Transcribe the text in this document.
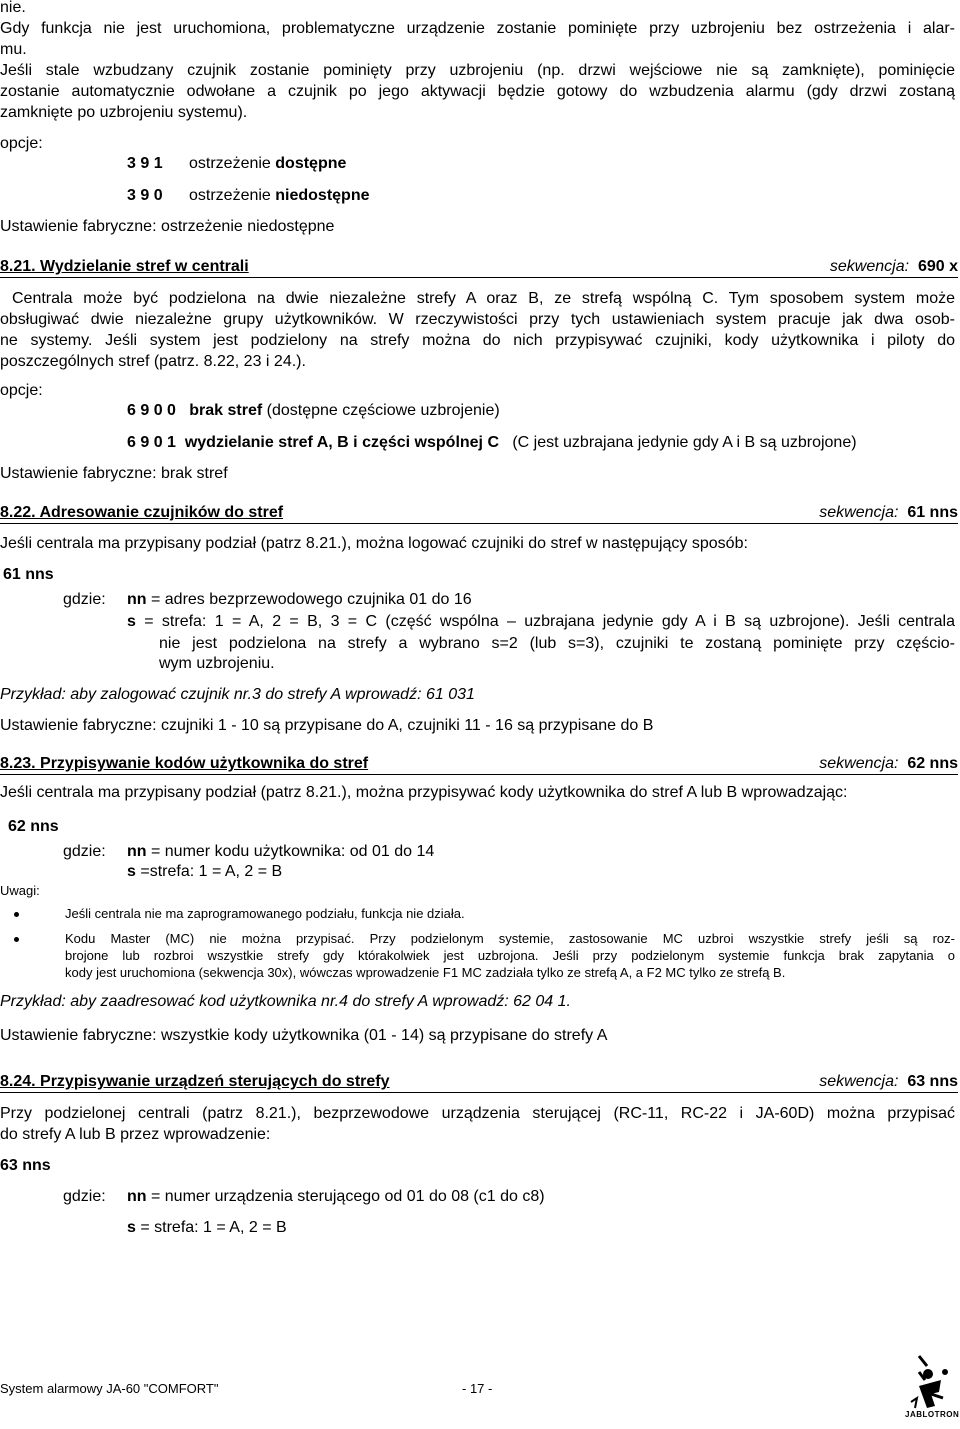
nie.
Gdy funkcja nie jest uruchomiona, problematyczne urządzenie zostanie pominięte przy uzbrojeniu bez ostrzeżenia i alar-
mu.
Jeśli stale wzbudzany czujnik zostanie pominięty przy uzbrojeniu (np. drzwi wejściowe nie są zamknięte), pominięcie
zostanie automatycznie odwołane a czujnik po jego aktywacji będzie gotowy do wzbudzenia alarmu (gdy drzwi zostaną
zamknięte po uzbrojeniu systemu).
opcje:
3 9 1 ostrzeżenie dostępne
3 9 0 ostrzeżenie niedostępne
Ustawienie fabryczne: ostrzeżenie niedostępne
8.21. Wydzielanie stref w centrali	sekwencja: 690 x
Centrala może być podzielona na dwie niezależne strefy A oraz B, ze strefą wspólną C. Tym sposobem system może
obsługiwać dwie niezależne grupy użytkowników. W rzeczywistości przy tych ustawieniach system pracuje jak dwa osob-
ne systemy. Jeśli system jest podzielony na strefy można do nich przypisywać czujniki, kody użytkownika i piloty do
poszczególnych stref (patrz. 8.22, 23 i 24.).
opcje:
6 9 0 0 brak stref (dostępne częściowe uzbrojenie)
6 9 0 1 wydzielanie stref A, B i części wspólnej C (C jest uzbrajana jedynie gdy A i B są uzbrojone)
Ustawienie fabryczne: brak stref
8.22. Adresowanie czujników do stref	sekwencja: 61 nns
Jeśli centrala ma przypisany podział (patrz 8.21.), można logować czujniki do stref w następujący sposób:
61 nns
gdzie: nn = adres bezprzewodowego czujnika 01 do 16
s = strefa: 1 = A, 2 = B, 3 = C (część wspólna – uzbrajana jedynie gdy A i B są uzbrojone). Jeśli centrala
nie jest podzielona na strefy a wybrano s=2 (lub s=3), czujniki te zostaną pominięte przy częścio-
wym uzbrojeniu.
Przykład: aby zalogować czujnik nr.3 do strefy A wprowadź: 61 031
Ustawienie fabryczne: czujniki 1 - 10 są przypisane do A, czujniki 11 - 16 są przypisane do B
8.23. Przypisywanie kodów użytkownika do stref	sekwencja: 62 nns
Jeśli centrala ma przypisany podział (patrz 8.21.), można przypisywać kody użytkownika do stref A lub B wprowadzając:
62 nns
gdzie: nn = numer kodu użytkownika: od 01 do 14
s =strefa: 1 = A, 2 = B
Uwagi:
Jeśli centrala nie ma zaprogramowanego podziału, funkcja nie działa.
Kodu Master (MC) nie można przypisać. Przy podzielonym systemie, zastosowanie MC uzbroi wszystkie strefy jeśli są roz-
brojone lub rozbroi wszystkie strefy gdy którakolwiek jest uzbrojona. Jeśli przy podzielonym systemie funkcja brak zapytania o
kody jest uruchomiona (sekwencja 30x), wówczas wprowadzenie F1 MC zadziała tylko ze strefą A, a F2 MC tylko ze strefą B.
Przykład: aby zaadresować kod użytkownika nr.4 do strefy A wprowadź: 62 04 1.
Ustawienie fabryczne: wszystkie kody użytkownika (01 - 14) są przypisane do strefy A
8.24. Przypisywanie urządzeń sterujących do strefy	sekwencja: 63 nns
Przy podzielonej centrali (patrz 8.21.), bezprzewodowe urządzenia sterującej (RC-11, RC-22 i JA-60D) można przypisać
do strefy A lub B przez wprowadzenie:
63 nns
gdzie: nn = numer urządzenia sterującego od 01 do 08 (c1 do c8)
s = strefa: 1 = A, 2 = B
System alarmowy JA-60 "COMFORT"	- 17 -
JABLOTRON
